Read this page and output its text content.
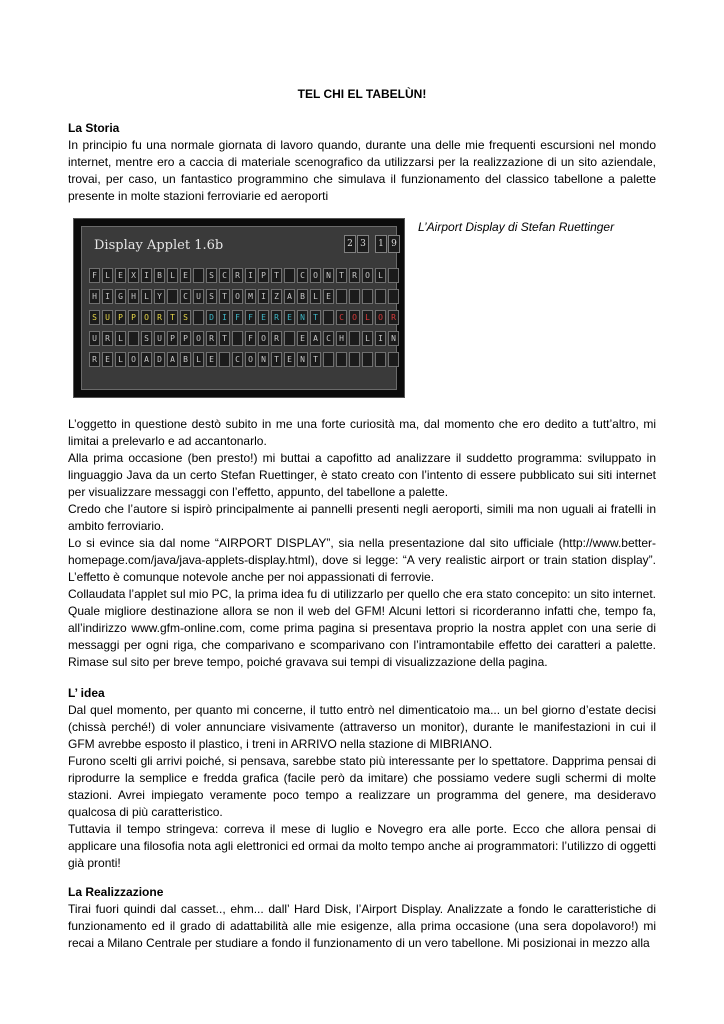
TEL CHI EL TABELÙN!
La Storia
In principio fu una normale giornata di lavoro quando, durante una delle mie frequenti escursioni nel mondo internet, mentre ero a caccia di materiale scenografico da utilizzarsi per la realizzazione di un sito aziendale, trovai, per caso, un fantastico programmino che simulava il funzionamento del classico tabellone a palette presente in molte stazioni ferroviarie ed aeroporti
Display Applet 1.6b	2 3	1 9
F	L	E	X	I	B	L	E	S	C	R	I	P	T	C	O	N	T	R	O	L
H	I	G	H	L	Y	C	U	S	T	O	M	I	Z	A	B	L	E
S	U	P	P	O	R	T	S	D	I	F	F	E	R	E	N	T	C	O	L	O	R
U	R	L	S	U	P	P	O	R	T	F	O	R	E	A	C	H	L	I	N
R	E	L	O	A	D	A	B	L	E	C	O	N	T	E	N	T
L’Airport Display di Stefan Ruettinger
L’oggetto in questione destò subito in me una forte curiosità ma, dal momento che ero dedito a tutt’altro, mi limitai a prelevarlo e ad accantonarlo.
Alla prima occasione (ben presto!) mi buttai a capofitto ad analizzare il suddetto programma: sviluppato in linguaggio Java da un certo Stefan Ruettinger, è stato creato con l’intento di essere pubblicato sui siti internet per visualizzare messaggi con l’effetto, appunto, del tabellone a palette.
Credo che l’autore si ispirò principalmente ai pannelli presenti negli aeroporti, simili ma non uguali ai fratelli in ambito ferroviario.
Lo si evince sia dal nome “AIRPORT DISPLAY”, sia nella presentazione dal sito ufficiale (http://www.better-homepage.com/java/java-applets-display.html), dove si legge: “A very realistic airport or train station display”. L’effetto è comunque notevole anche per noi appassionati di ferrovie.
Collaudata l’applet sul mio PC, la prima idea fu di utilizzarlo per quello che era stato concepito: un sito internet. Quale migliore destinazione allora se non il web del GFM! Alcuni lettori si ricorderanno infatti che, tempo fa, all’indirizzo www.gfm-online.com, come prima pagina si presentava proprio la nostra applet con una serie di messaggi per ogni riga, che comparivano e scomparivano con l’intramontabile effetto dei caratteri a palette. Rimase sul sito per breve tempo, poiché gravava sui tempi di visualizzazione della pagina.
L’ idea
Dal quel momento, per quanto mi concerne, il tutto entrò nel dimenticatoio ma... un bel giorno d’estate decisi (chissà perché!) di voler annunciare visivamente (attraverso un monitor), durante le manifestazioni in cui il GFM avrebbe esposto il plastico, i treni in ARRIVO nella stazione di MIBRIANO.
Furono scelti gli arrivi poiché, si pensava, sarebbe stato più interessante per lo spettatore. Dapprima pensai di riprodurre la semplice e fredda grafica (facile però da imitare) che possiamo vedere sugli schermi di molte stazioni. Avrei impiegato veramente poco tempo a realizzare un programma del genere, ma desideravo qualcosa di più caratteristico.
Tuttavia il tempo stringeva: correva il mese di luglio e Novegro era alle porte. Ecco che allora pensai di applicare una filosofia nota agli elettronici ed ormai da molto tempo anche ai programmatori: l’utilizzo di oggetti già pronti!
La Realizzazione
Tirai fuori quindi dal casset.., ehm... dall’ Hard Disk, l’Airport Display. Analizzate a fondo le caratteristiche di funzionamento ed il grado di adattabilità alle mie esigenze, alla prima occasione (una sera dopolavoro!) mi recai a Milano Centrale per studiare a fondo il funzionamento di un vero tabellone. Mi posizionai in mezzo alla
